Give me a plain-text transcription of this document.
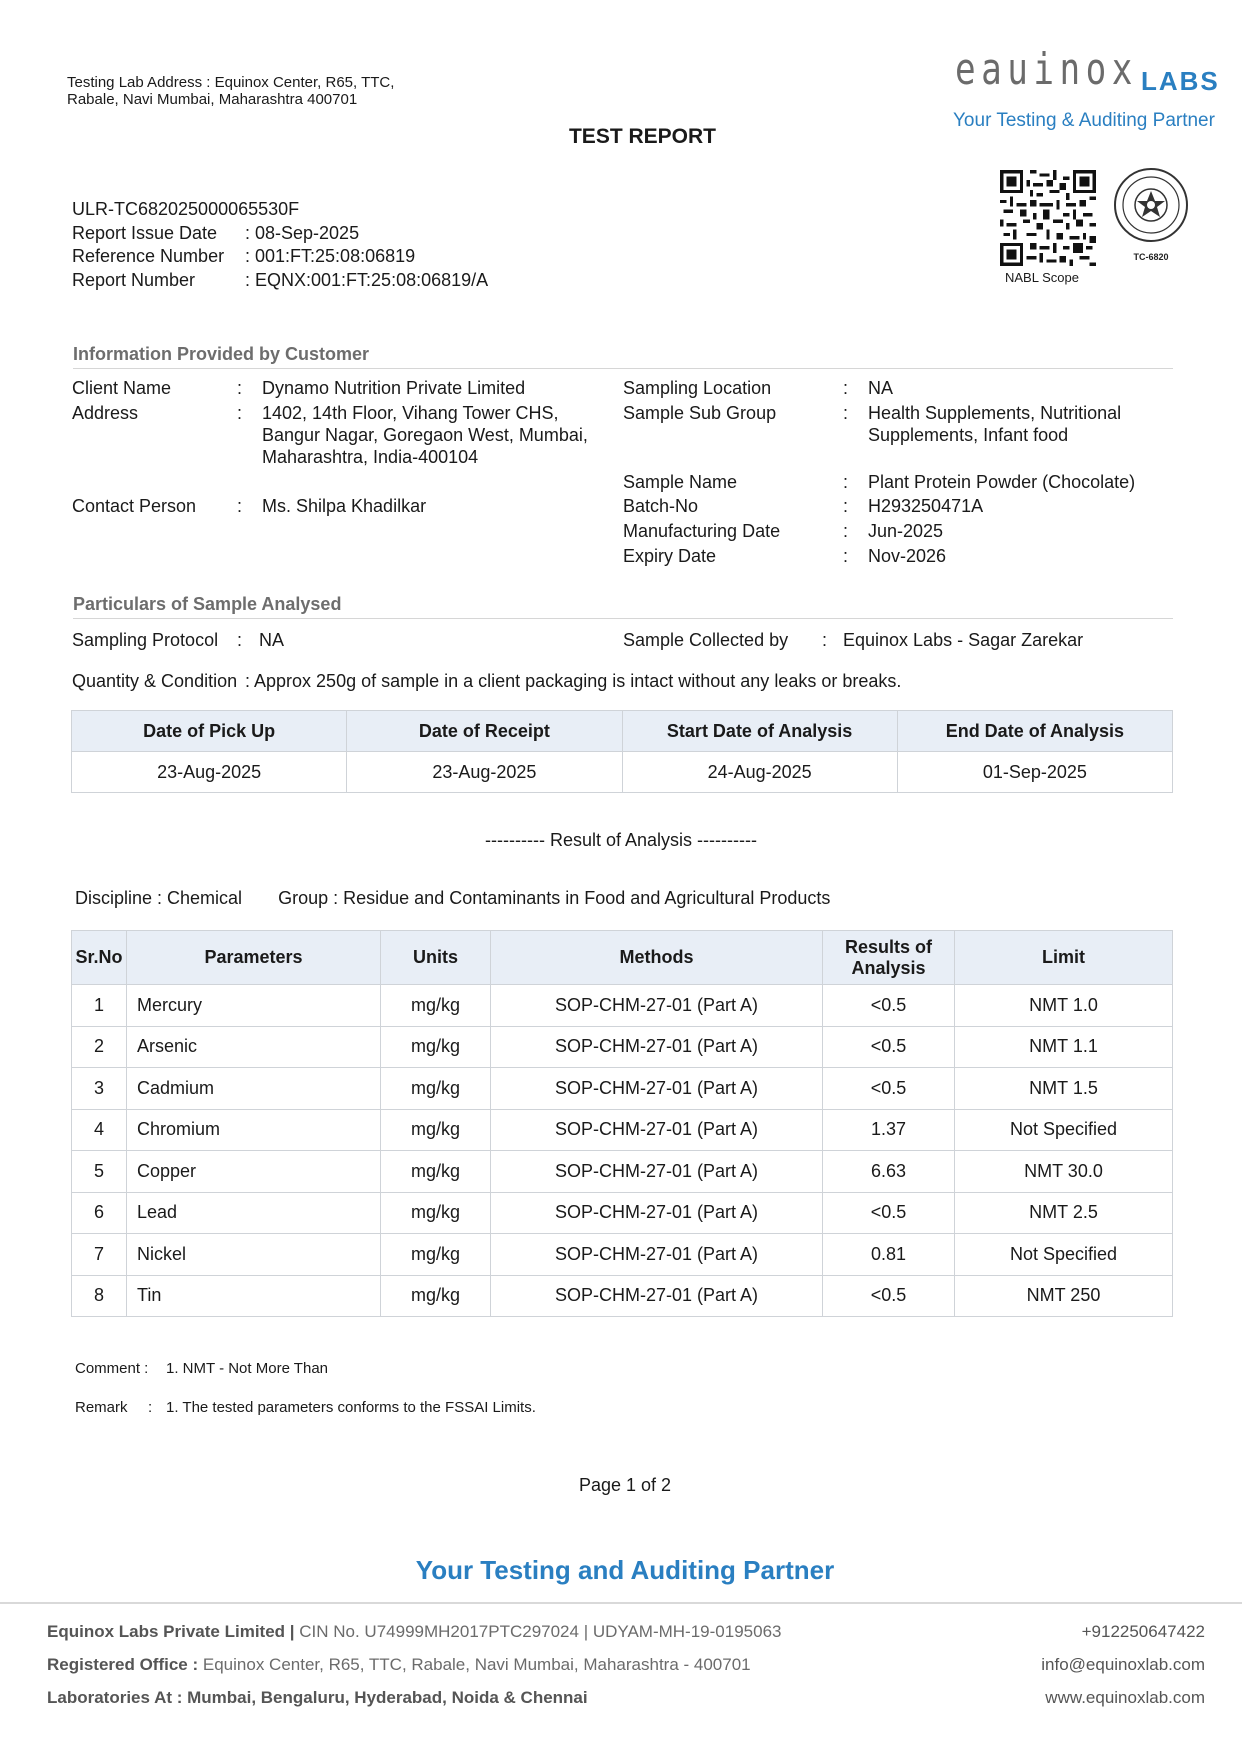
Testing Lab Address : Equinox Center, R65, TTC, Rabale, Navi Mumbai, Maharashtra 400701
eauinox LABS
Your Testing & Auditing Partner
TEST REPORT
ULR-TC682025000065530F
Report Issue Date	: 08-Sep-2025
Reference Number	: 001:FT:25:08:06819
Report Number	: EQNX:001:FT:25:08:06819/A	NABL Scope
TC-6820
Information Provided by Customer
Client Name	: Dynamo Nutrition Private Limited
Address	: 1402, 14th Floor, Vihang Tower CHS,
Bangur Nagar, Goregaon West, Mumbai,
Maharashtra, India-400104
Contact Person : Ms. Shilpa Khadilkar
Sampling Location	: NA
Sample Sub Group	: Health Supplements, Nutritional
Supplements, Infant food
Sample Name	: Plant Protein Powder (Chocolate)
Batch-No	: H293250471A
Manufacturing Date	: Jun-2025
Expiry Date	: Nov-2026
Particulars of Sample Analysed
Sampling Protocol : NA	Sample Collected by : Equinox Labs - Sagar Zarekar
Quantity & Condition : Approx 250g of sample in a client packaging is intact without any leaks or breaks.
Date of Pick Up	Date of Receipt	Start Date of Analysis	End Date of Analysis
23-Aug-2025	23-Aug-2025	24-Aug-2025	01-Sep-2025
---------- Result of Analysis ----------
Discipline : Chemical Group : Residue and Contaminants in Food and Agricultural Products
Sr.No	Parameters	Units	Methods	Results of Analysis	Limit
1	Mercury	mg/kg	SOP-CHM-27-01 (Part A)	<0.5	NMT 1.0
2	Arsenic	mg/kg	SOP-CHM-27-01 (Part A)	<0.5	NMT 1.1
3	Cadmium	mg/kg	SOP-CHM-27-01 (Part A)	<0.5	NMT 1.5
4	Chromium	mg/kg	SOP-CHM-27-01 (Part A)	1.37	Not Specified
5	Copper	mg/kg	SOP-CHM-27-01 (Part A)	6.63	NMT 30.0
6	Lead	mg/kg	SOP-CHM-27-01 (Part A)	<0.5	NMT 2.5
7	Nickel	mg/kg	SOP-CHM-27-01 (Part A)	0.81	Not Specified
8	Tin	mg/kg	SOP-CHM-27-01 (Part A)	<0.5	NMT 250
Comment : 1. NMT - Not More Than
Remark : 1. The tested parameters conforms to the FSSAI Limits.
Page 1 of 2
Your Testing and Auditing Partner
Equinox Labs Private Limited | CIN No. U74999MH2017PTC297024 | UDYAM-MH-19-0195063
Registered Office : Equinox Center, R65, TTC, Rabale, Navi Mumbai, Maharashtra - 400701
Laboratories At : Mumbai, Bengaluru, Hyderabad, Noida & Chennai
+912250647422
info@equinoxlab.com
www.equinoxlab.com
